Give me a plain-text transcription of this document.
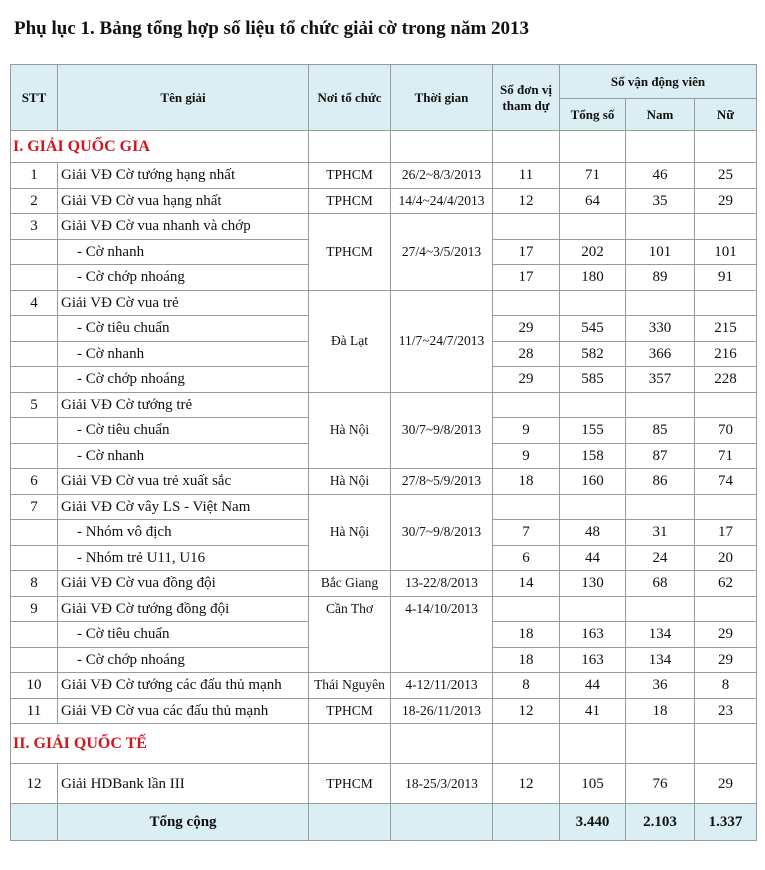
Phụ lục 1. Bảng tổng hợp số liệu tổ chức giải cờ trong năm 2013
STT	Tên giải	Nơi tổ chức	Thời gian	Số đơn vị
tham dự	Số vận động viên		
					Tổng số	Nam	Nữ
I. GIẢI QUỐC GIA							
1	Giải VĐ Cờ tướng hạng nhất	TPHCM	26/2~8/3/2013	11	71	46	25
2	Giải VĐ Cờ vua hạng nhất	TPHCM	14/4~24/4/2013	12	64	35	29
3	Giải VĐ Cờ vua nhanh và chớp	TPHCM	27/4~3/5/2013				
	- Cờ nhanh			17	202	101	101
	- Cờ chớp nhoáng			17	180	89	91
4	Giải VĐ Cờ vua trẻ	Đà Lạt	11/7~24/7/2013				
	- Cờ tiêu chuẩn			29	545	330	215
	- Cờ nhanh			28	582	366	216
	- Cờ chớp nhoáng			29	585	357	228
5	Giải VĐ Cờ tướng trẻ	Hà Nội	30/7~9/8/2013				
	- Cờ tiêu chuẩn			9	155	85	70
	- Cờ nhanh			9	158	87	71
6	Giải VĐ Cờ vua trẻ xuất sắc	Hà Nội	27/8~5/9/2013	18	160	86	74
7	Giải VĐ Cờ vây LS - Việt Nam	Hà Nội	30/7~9/8/2013				
	- Nhóm vô địch			7	48	31	17
	- Nhóm trẻ U11, U16			6	44	24	20
8	Giải VĐ Cờ vua đồng đội	Bắc Giang	13-22/8/2013	14	130	68	62
9	Giải VĐ Cờ tướng đồng đội	Cần Thơ	4-14/10/2013				
	- Cờ tiêu chuẩn			18	163	134	29
	- Cờ chớp nhoáng			18	163	134	29
10	Giải VĐ Cờ tướng các đấu thủ mạnh	Thái Nguyên	4-12/11/2013	8	44	36	8
11	Giải VĐ Cờ vua các đấu thủ mạnh	TPHCM	18-26/11/2013	12	41	18	23
II. GIẢI QUỐC TẾ							
12	Giải HDBank lần III	TPHCM	18-25/3/2013	12	105	76	29
	Tổng cộng				3.440	2.103	1.337
